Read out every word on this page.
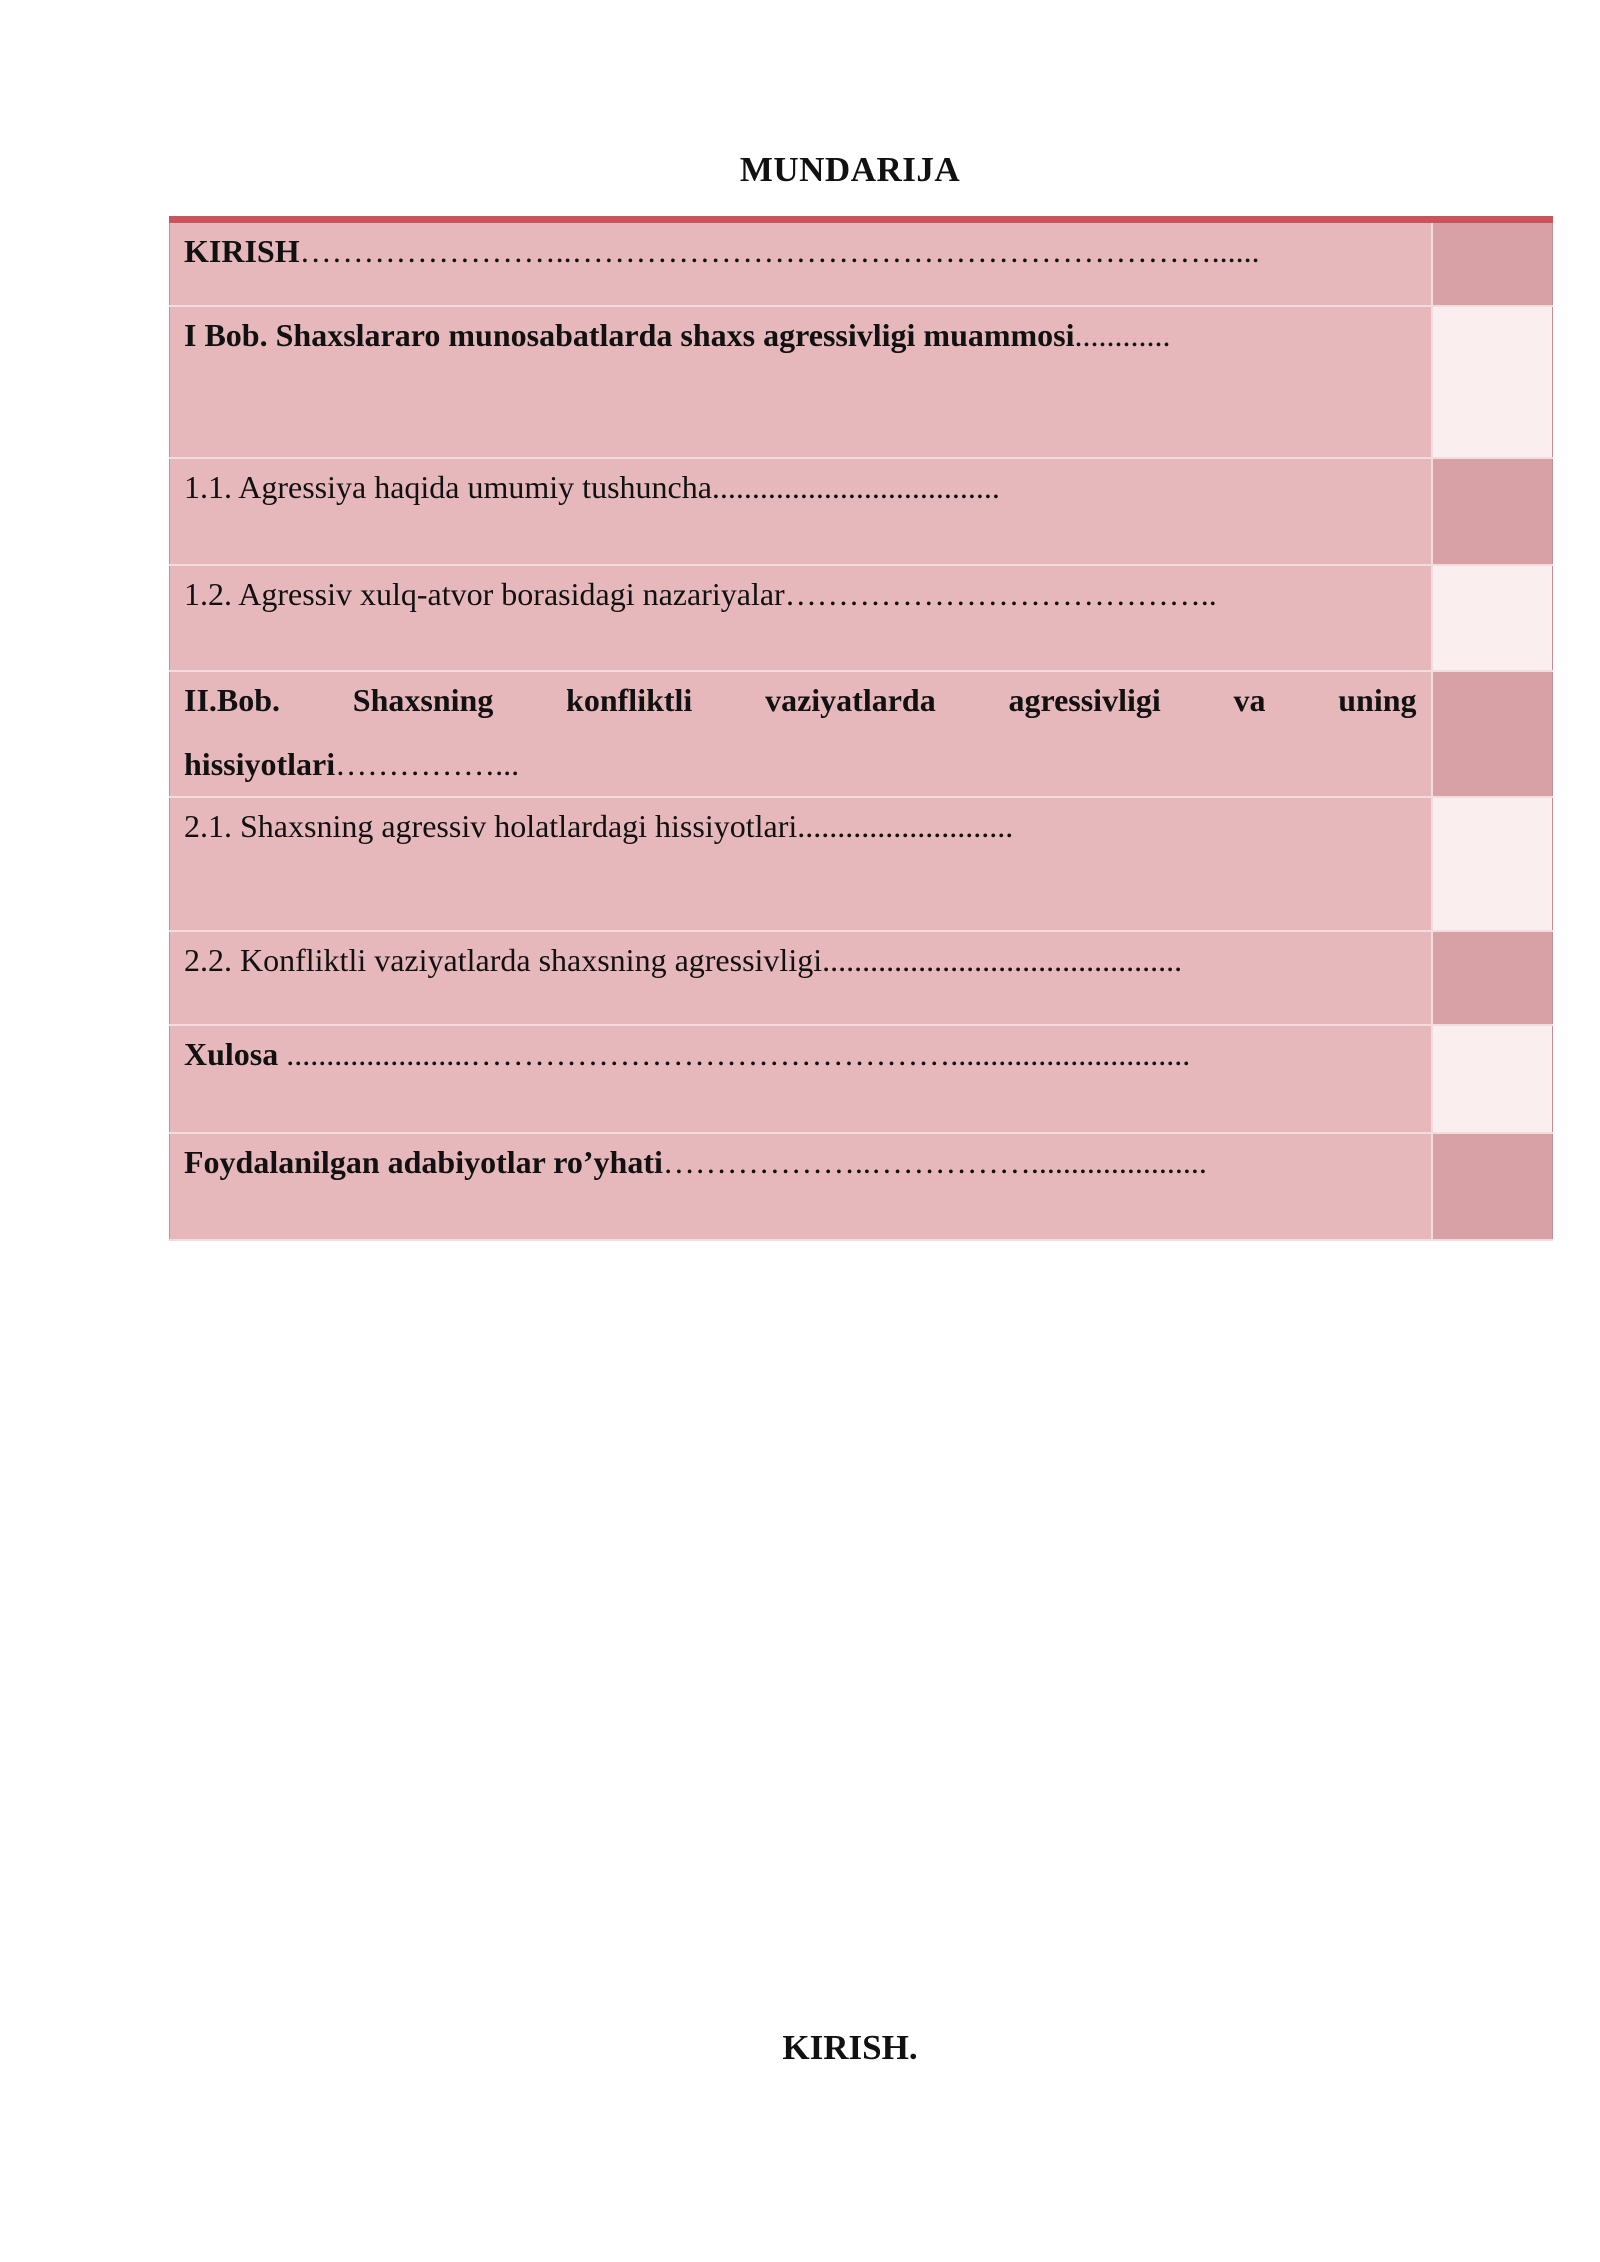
MUNDARIJA
KIRISH……………………..……………………………………………………......	

I Bob. Shaxslararo munosabatlarda shaxs agressivligi muammosi............	

1.1. Agressiya haqida umumiy tushuncha....................................	

1.2. Agressiv xulq-atvor borasidagi nazariyalar…………………………………..	

II.Bob. Shaxsning konfliktli vaziyatlarda agressivligi va uning
hissiyotlari……………...	

2.1. Shaxsning agressiv holatlardagi hissiyotlari...........................	

2.2. Konfliktli vaziyatlarda shaxsning agressivligi.............................................	

Xulosa .......................………………………………………..............................	

Foydalanilgan adabiyotlar ro’yhati………………..……………......................	

KIRISH.
